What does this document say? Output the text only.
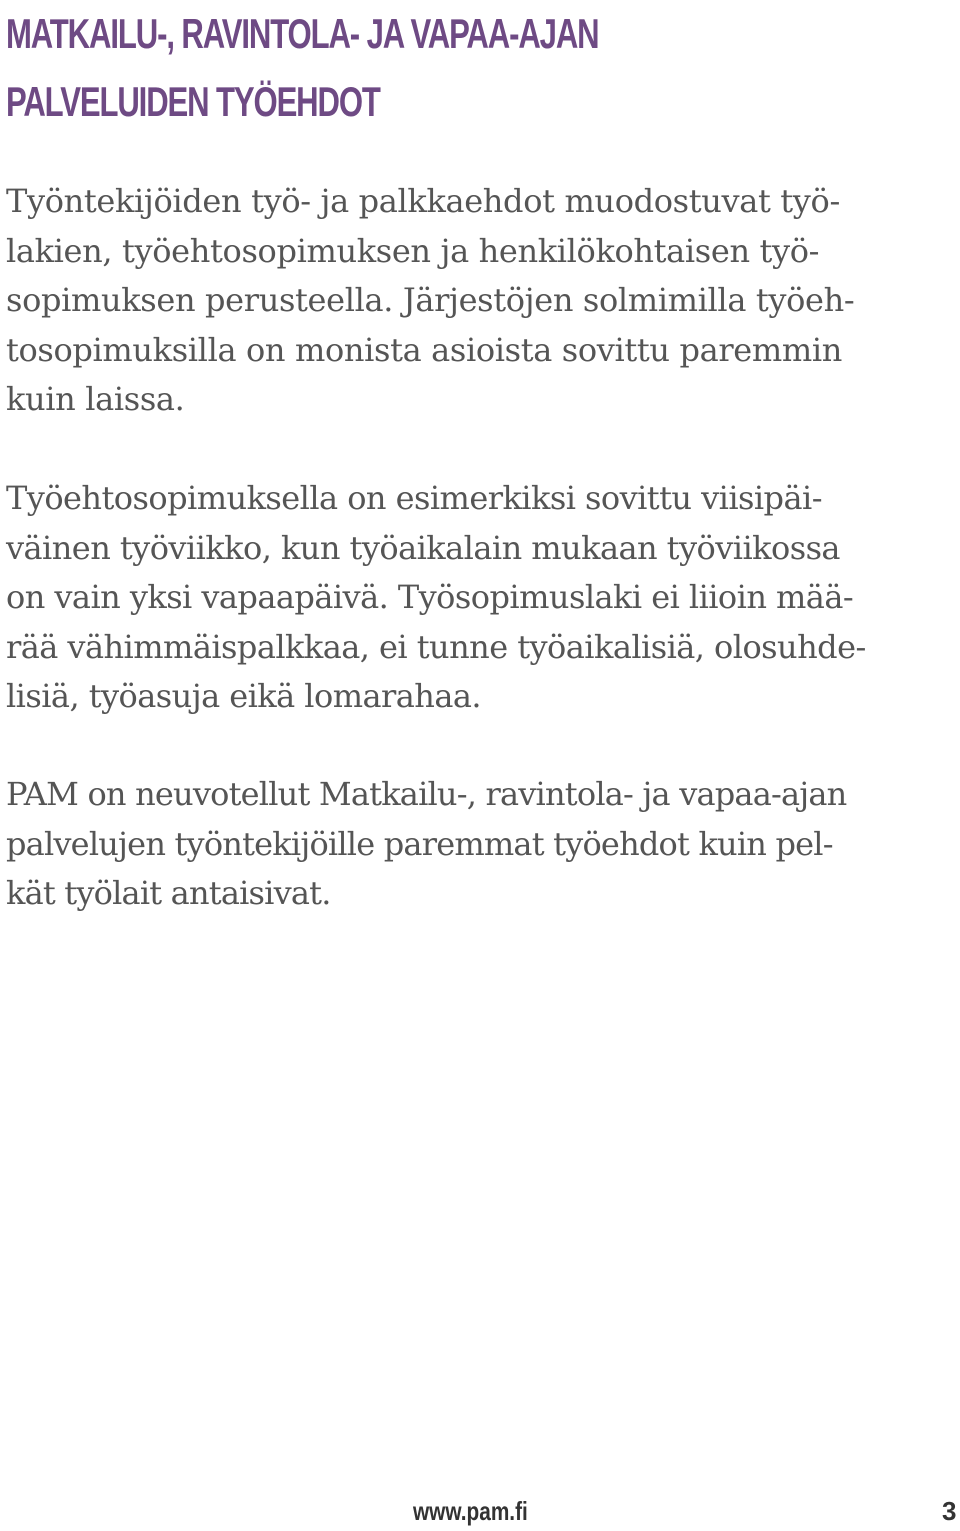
MATKAILU-, RAVINTOLA- JA VAPAA-AJAN
PALVELUIDEN TYÖEHDOT

Työntekijöiden työ- ja palkkaehdot muodostuvat työ-
lakien, työehtosopimuksen ja henkilökohtaisen työ-
sopimuksen perusteella. Järjestöjen solmimilla työeh-
tosopimuksilla on monista asioista sovittu paremmin
kuin laissa.

Työehtosopimuksella on esimerkiksi sovittu viisipäi-
väinen työviikko, kun työaikalain mukaan työviikossa
on vain yksi vapaapäivä. Työsopimuslaki ei liioin mää-
rää vähimmäispalkkaa, ei tunne työaikalisiä, olosuhde-
lisiä, työasuja eikä lomarahaa.

PAM on neuvotellut Matkailu-, ravintola- ja vapaa-ajan
palvelujen työntekijöille paremmat työehdot kuin pel-
kät työlait antaisivat.

www.pam.fi	3
